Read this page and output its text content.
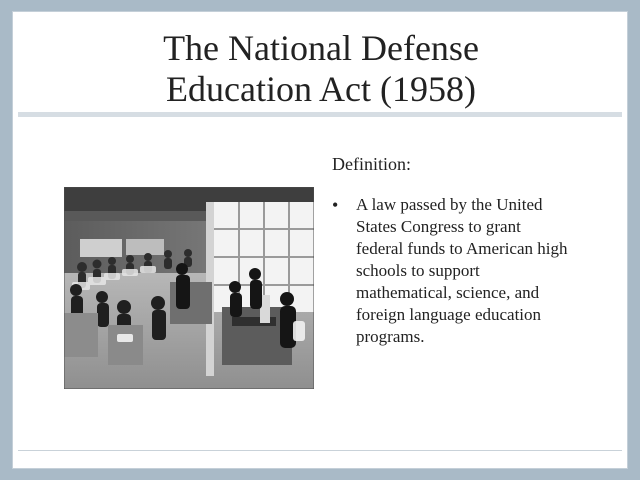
The National Defense
Education Act (1958)
Definition:
• A law passed by the United States Congress to grant federal funds to American high schools to support mathematical, science, and foreign language education programs.
